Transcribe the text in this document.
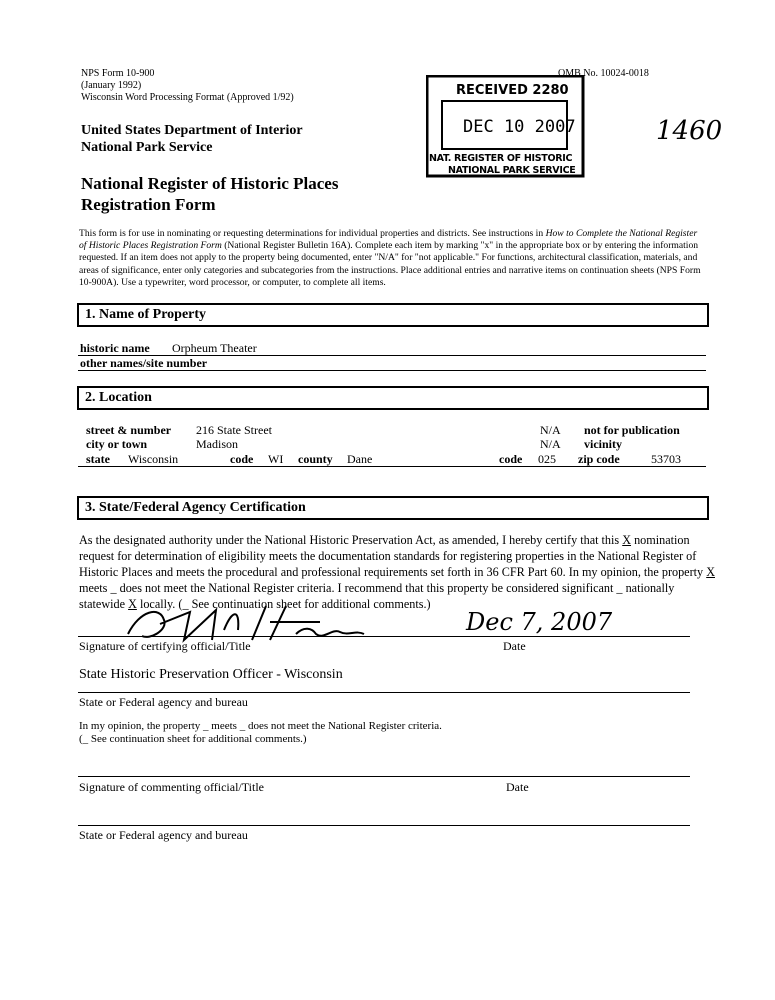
NPS Form 10-900
(January 1992)
Wisconsin Word Processing Format (Approved 1/92)
OMB No. 10024-0018
United States Department of Interior
National Park Service
National Register of Historic Places
Registration Form
RECEIVED 2280
DEC 10 2007
NAT. REGISTER OF HISTORIC
NATIONAL PARK SERVICE
1460
This form is for use in nominating or requesting determinations for individual properties and districts. See instructions in How to Complete the National Register of Historic Places Registration Form (National Register Bulletin 16A). Complete each item by marking "x" in the appropriate box or by entering the information requested. If an item does not apply to the property being documented, enter "N/A" for "not applicable." For functions, architectural classification, materials, and areas of significance, enter only categories and subcategories from the instructions. Place additional entries and narrative items on continuation sheets (NPS Form 10-900A). Use a typewriter, word processor, or computer, to complete all items.
1. Name of Property
historic name Orpheum Theater
other names/site number
2. Location
street & number 216 State Street	N/A not for publication
city or town	Madison	N/A vicinity
state Wisconsin	code WI county Dane	code 025 zip code	53703
3. State/Federal Agency Certification
As the designated authority under the National Historic Preservation Act, as amended, I hereby certify that this X nomination request for determination of eligibility meets the documentation standards for registering properties in the National Register of Historic Places and meets the procedural and professional requirements set forth in 36 CFR Part 60. In my opinion, the property X meets _ does not meet the National Register criteria. I recommend that this property be considered significant _ nationally statewide X locally. (_ See continuation sheet for additional comments.)
Dec 7, 2007
Signature of certifying official/Title	Date
State Historic Preservation Officer - Wisconsin
State or Federal agency and bureau
In my opinion, the property _ meets _ does not meet the National Register criteria.
(_ See continuation sheet for additional comments.)
Signature of commenting official/Title	Date
State or Federal agency and bureau
